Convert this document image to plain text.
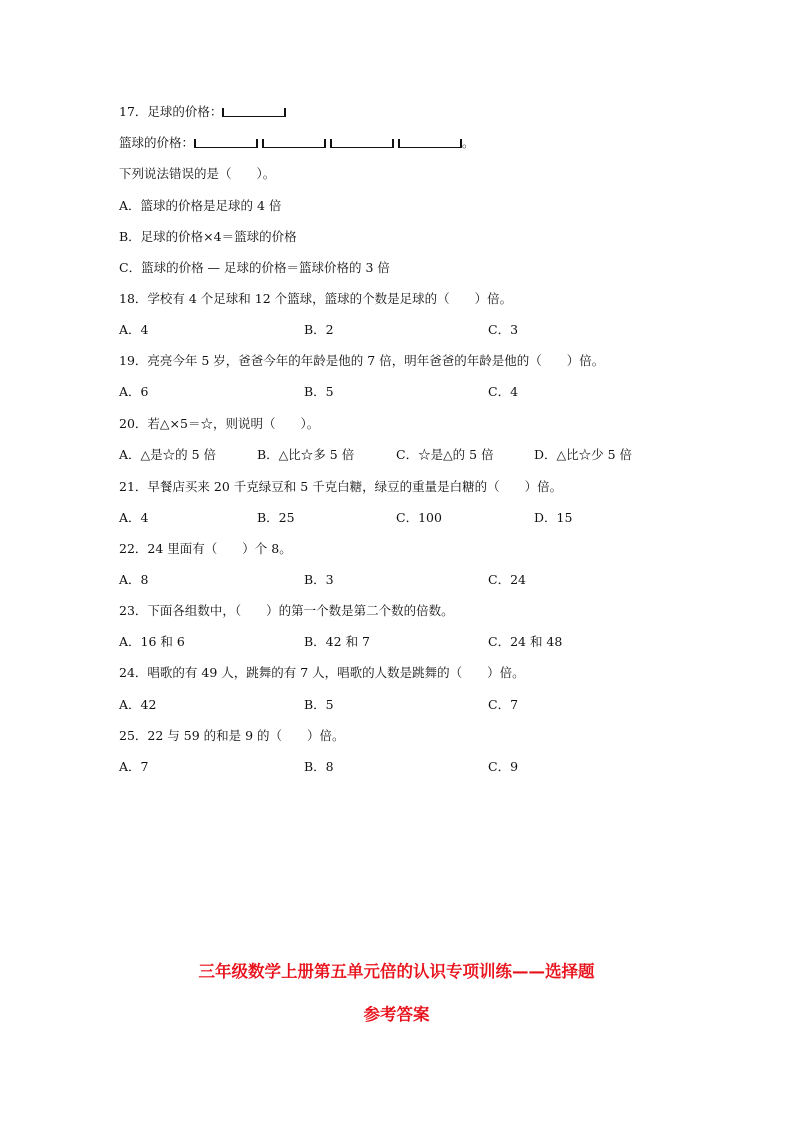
17．足球的价格：
篮球的价格：	。
下列说法错误的是（　　）。
A．篮球的价格是足球的 4 倍
B．足球的价格×4＝篮球的价格
C．篮球的价格 — 足球的价格＝篮球价格的 3 倍
18．学校有 4 个足球和 12 个篮球，篮球的个数是足球的（　　）倍。
A．4	B．2	C．3
19．亮亮今年 5 岁，爸爸今年的年龄是他的 7 倍，明年爸爸的年龄是他的（　　）倍。
A．6	B．5	C．4
20．若△×5＝☆，则说明（　　）。
A．△是☆的 5 倍	B．△比☆多 5 倍	C．☆是△的 5 倍	D．△比☆少 5 倍
21．早餐店买来 20 千克绿豆和 5 千克白糖，绿豆的重量是白糖的（　　）倍。
A．4	B．25	C．100	D．15
22．24 里面有（　　）个 8。
A．8	B．3	C．24
23．下面各组数中，（　　）的第一个数是第二个数的倍数。
A．16 和 6	B．42 和 7	C．24 和 48
24．唱歌的有 49 人，跳舞的有 7 人，唱歌的人数是跳舞的（　　）倍。
A．42	B．5	C．7
25．22 与 59 的和是 9 的（　　）倍。
A．7	B．8	C．9
三年级数学上册第五单元倍的认识专项训练——选择题
参考答案
